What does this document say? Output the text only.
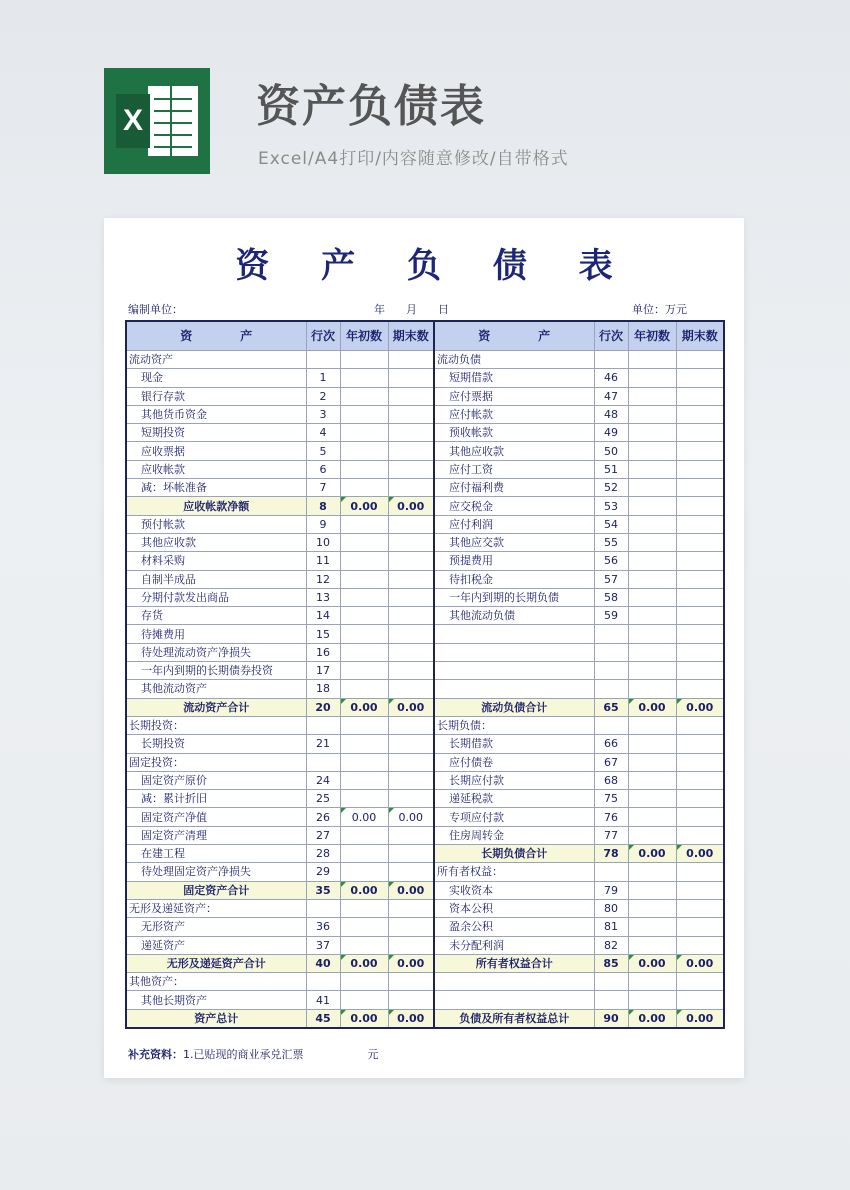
X	资产负债表
Excel/A4打印/内容随意修改/自带格式
资 产 负 债 表
编制单位：	年 月 日	单位：万元
资　　　　产	行次	年初数	期末数	资　　　　产	行次	年初数	期末数
流动资产				流动负债			
现金	1			短期借款	46		
银行存款	2			应付票据	47		
其他货币资金	3			应付帐款	48		
短期投资	4			预收帐款	49		
应收票据	5			其他应收款	50		
应收帐款	6			应付工资	51		
减：坏帐准备	7			应付福利费	52		
应收帐款净额	8	0.00	0.00	应交税金	53		
预付帐款	9			应付利润	54		
其他应收款	10			其他应交款	55		
材料采购	11			预提费用	56		
自制半成品	12			待扣税金	57		
分期付款发出商品	13			一年内到期的长期负债	58		
存货	14			其他流动负债	59		
待摊费用	15						
待处理流动资产净损失	16						
一年内到期的长期债券投资	17						
其他流动资产	18						
流动资产合计	20	0.00	0.00	流动负债合计	65	0.00	0.00
长期投资：				长期负债：			
长期投资	21			长期借款	66		
固定投资：				应付债卷	67		
固定资产原价	24			长期应付款	68		
减：累计折旧	25			递延税款	75		
固定资产净值	26	0.00	0.00	专项应付款	76		
固定资产清理	27			住房周转金	77		
在建工程	28			长期负债合计	78	0.00	0.00
待处理固定资产净损失	29			所有者权益：			
固定资产合计	35	0.00	0.00	实收资本	79		
无形及递延资产：				资本公积	80		
无形资产	36			盈余公积	81		
递延资产	37			未分配利润	82		
无形及递延资产合计	40	0.00	0.00	所有者权益合计	85	0.00	0.00
其他资产：							
其他长期资产	41						
资产总计	45	0.00	0.00	负债及所有者权益总计	90	0.00	0.00
补充资料：1.已贴现的商业承兑汇票	元
